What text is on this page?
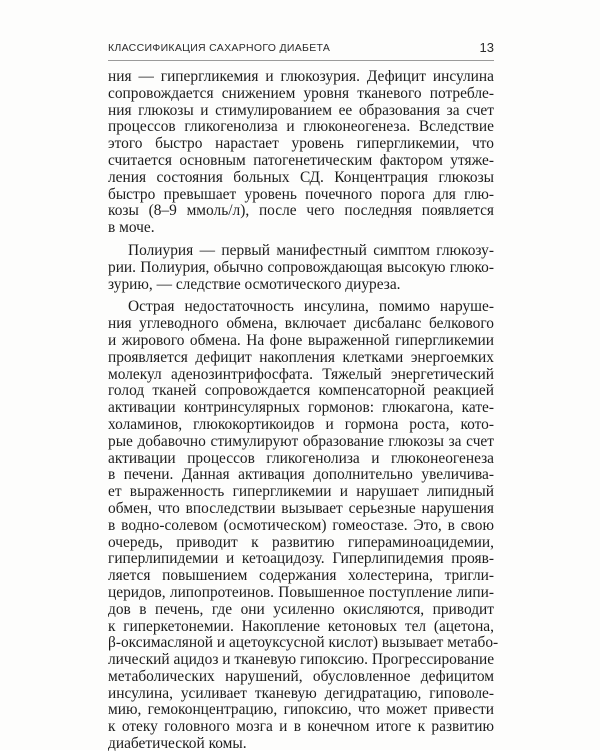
КЛАССИФИКАЦИЯ САХАРНОГО ДИАБЕТА	13

ния — гипергликемия и глюкозурия. Дефицит инсулина
сопровождается снижением уровня тканевого потребле-
ния глюкозы и стимулированием ее образования за счет
процессов гликогенолиза и глюконеогенеза. Вследствие
этого быстро нарастает уровень гипергликемии, что
считается основным патогенетическим фактором утяже-
ления состояния больных СД. Концентрация глюкозы
быстро превышает уровень почечного порога для глю-
козы (8–9 ммоль/л), после чего последняя появляется
в моче.

Полиурия — первый манифестный симптом глюкозу-
рии. Полиурия, обычно сопровождающая высокую глюко-
зурию, — следствие осмотического диуреза.

Острая недостаточность инсулина, помимо наруше-
ния углеводного обмена, включает дисбаланс белкового
и жирового обмена. На фоне выраженной гипергликемии
проявляется дефицит накопления клетками энергоемких
молекул аденозинтрифосфата. Тяжелый энергетический
голод тканей сопровождается компенсаторной реакцией
активации контринсулярных гормонов: глюкагона, кате-
холаминов, глюкокортикоидов и гормона роста, кото-
рые добавочно стимулируют образование глюкозы за счет
активации процессов гликогенолиза и глюконеогенеза
в печени. Данная активация дополнительно увеличива-
ет выраженность гипергликемии и нарушает липидный
обмен, что впоследствии вызывает серьезные нарушения
в водно-солевом (осмотическом) гомеостазе. Это, в свою
очередь, приводит к развитию гипераминоацидемии,
гиперлипидемии и кетоацидозу. Гиперлипидемия прояв-
ляется повышением содержания холестерина, тригли-
церидов, липопротеинов. Повышенное поступление липи-
дов в печень, где они усиленно окисляются, приводит
к гиперкетонемии. Накопление кетоновых тел (ацетона,
β-оксимасляной и ацетоуксусной кислот) вызывает метабо-
лический ацидоз и тканевую гипоксию. Прогрессирование
метаболических нарушений, обусловленное дефицитом
инсулина, усиливает тканевую дегидратацию, гиповоле-
мию, гемоконцентрацию, гипоксию, что может привести
к отеку головного мозга и в конечном итоге к развитию
диабетической комы.
